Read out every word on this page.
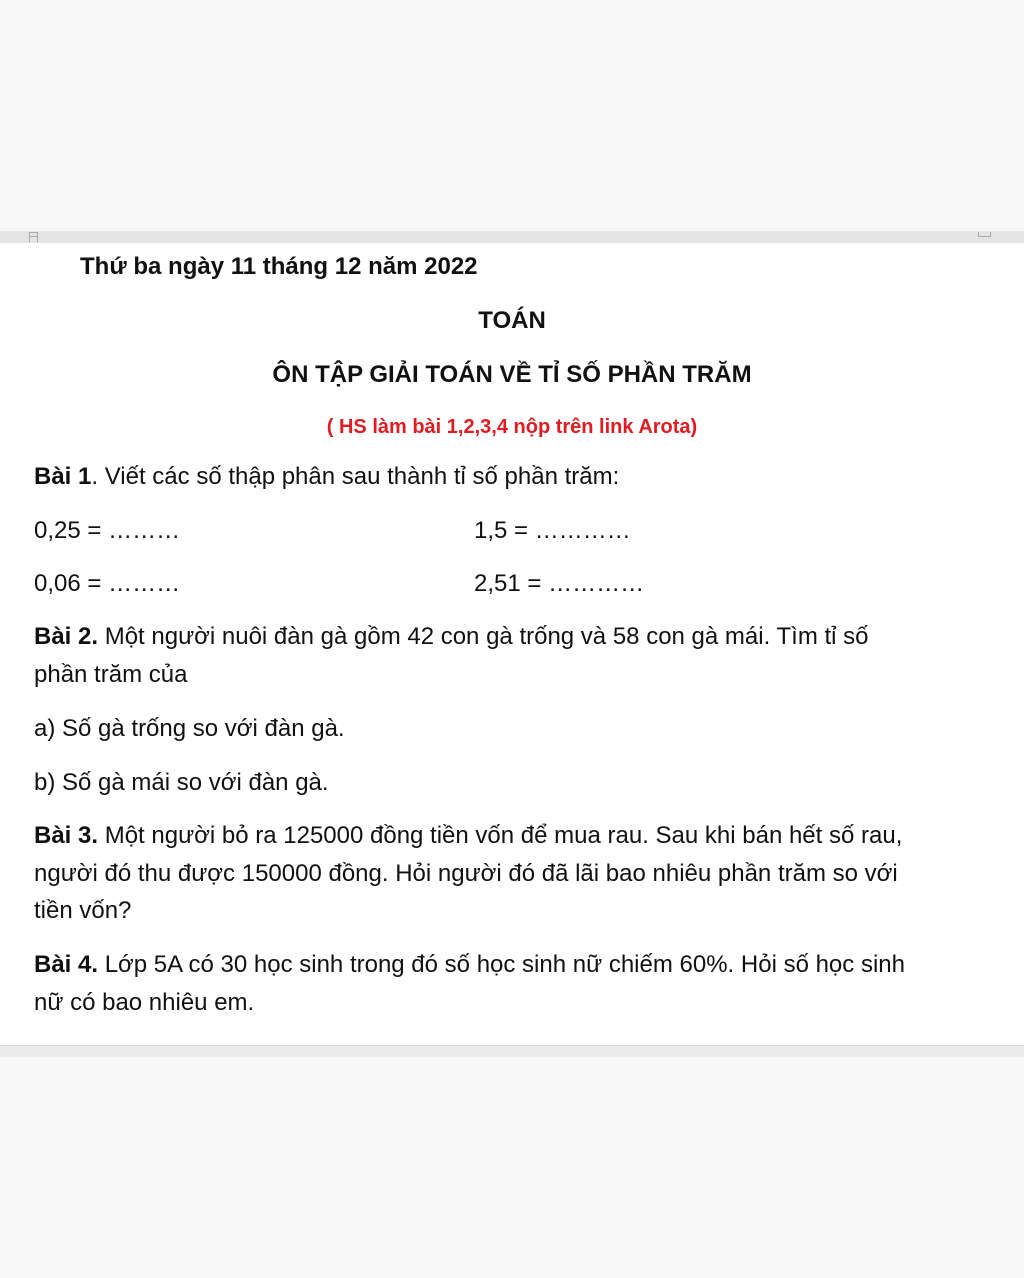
Thứ ba ngày 11 tháng 12 năm 2022
TOÁN
ÔN TẬP GIẢI TOÁN VỀ TỈ SỐ PHẦN TRĂM
( HS làm bài 1,2,3,4 nộp trên link Arota)
Bài 1. Viết các số thập phân sau thành tỉ số phần trăm:
0,25 = ………	1,5 = …………
0,06 = ………	2,51 = …………
Bài 2. Một người nuôi đàn gà gồm 42 con gà trống và 58 con gà mái. Tìm tỉ số
phần trăm của
a) Số gà trống so với đàn gà.
b) Số gà mái so với đàn gà.
Bài 3. Một người bỏ ra 125000 đồng tiền vốn để mua rau. Sau khi bán hết số rau,
người đó thu được 150000 đồng. Hỏi người đó đã lãi bao nhiêu phần trăm so với
tiền vốn?
Bài 4. Lớp 5A có 30 học sinh trong đó số học sinh nữ chiếm 60%. Hỏi số học sinh
nữ có bao nhiêu em.
